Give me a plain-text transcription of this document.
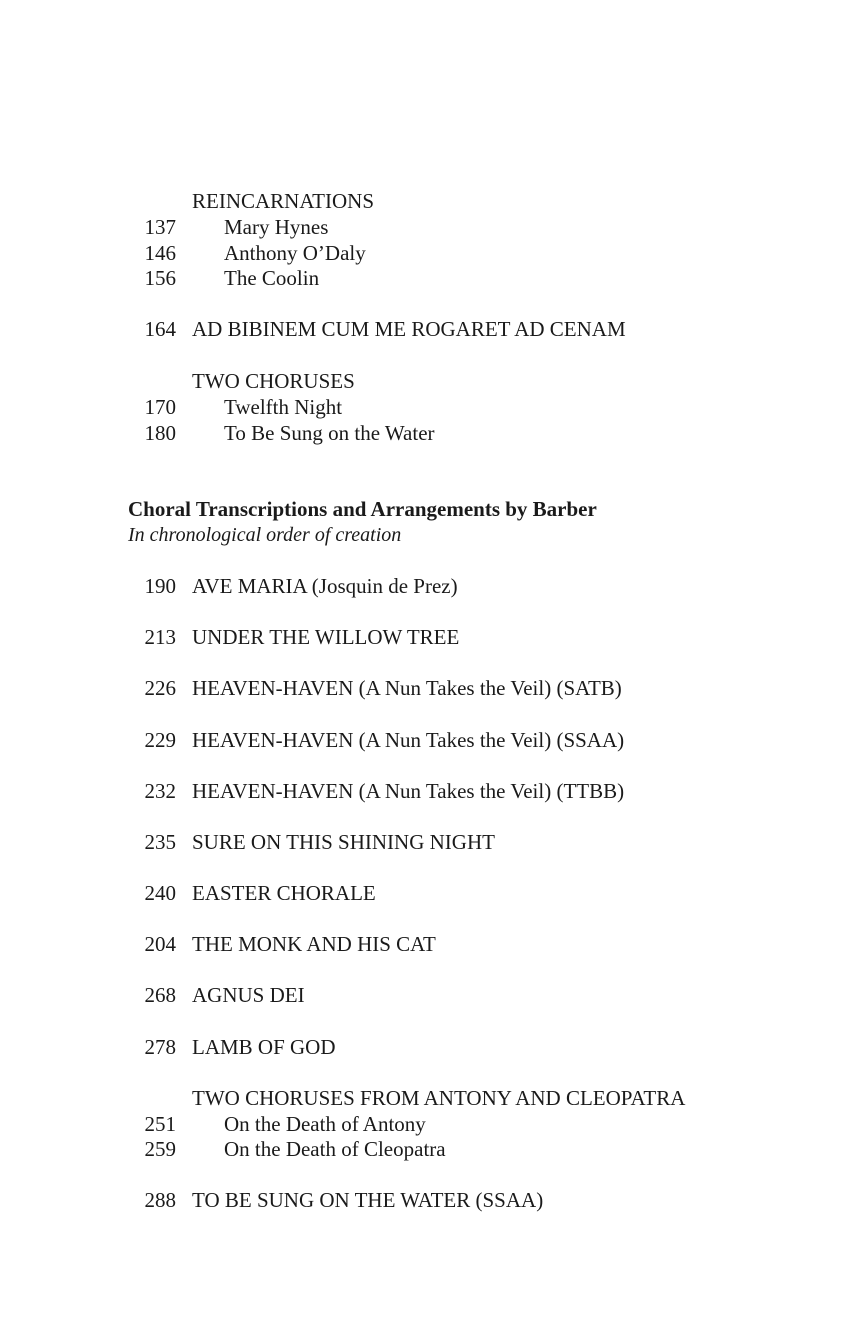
REINCARNATIONS
137 Mary Hynes
146 Anthony O’Daly
156 The Coolin
164 AD BIBINEM CUM ME ROGARET AD CENAM
TWO CHORUSES
170 Twelfth Night
180 To Be Sung on the Water
Choral Transcriptions and Arrangements by Barber
In chronological order of creation
190 AVE MARIA (Josquin de Prez)
213 UNDER THE WILLOW TREE
226 HEAVEN-HAVEN (A Nun Takes the Veil) (SATB)
229 HEAVEN-HAVEN (A Nun Takes the Veil) (SSAA)
232 HEAVEN-HAVEN (A Nun Takes the Veil) (TTBB)
235 SURE ON THIS SHINING NIGHT
240 EASTER CHORALE
204 THE MONK AND HIS CAT
268 AGNUS DEI
278 LAMB OF GOD
TWO CHORUSES FROM ANTONY AND CLEOPATRA
251 On the Death of Antony
259 On the Death of Cleopatra
288 TO BE SUNG ON THE WATER (SSAA)
